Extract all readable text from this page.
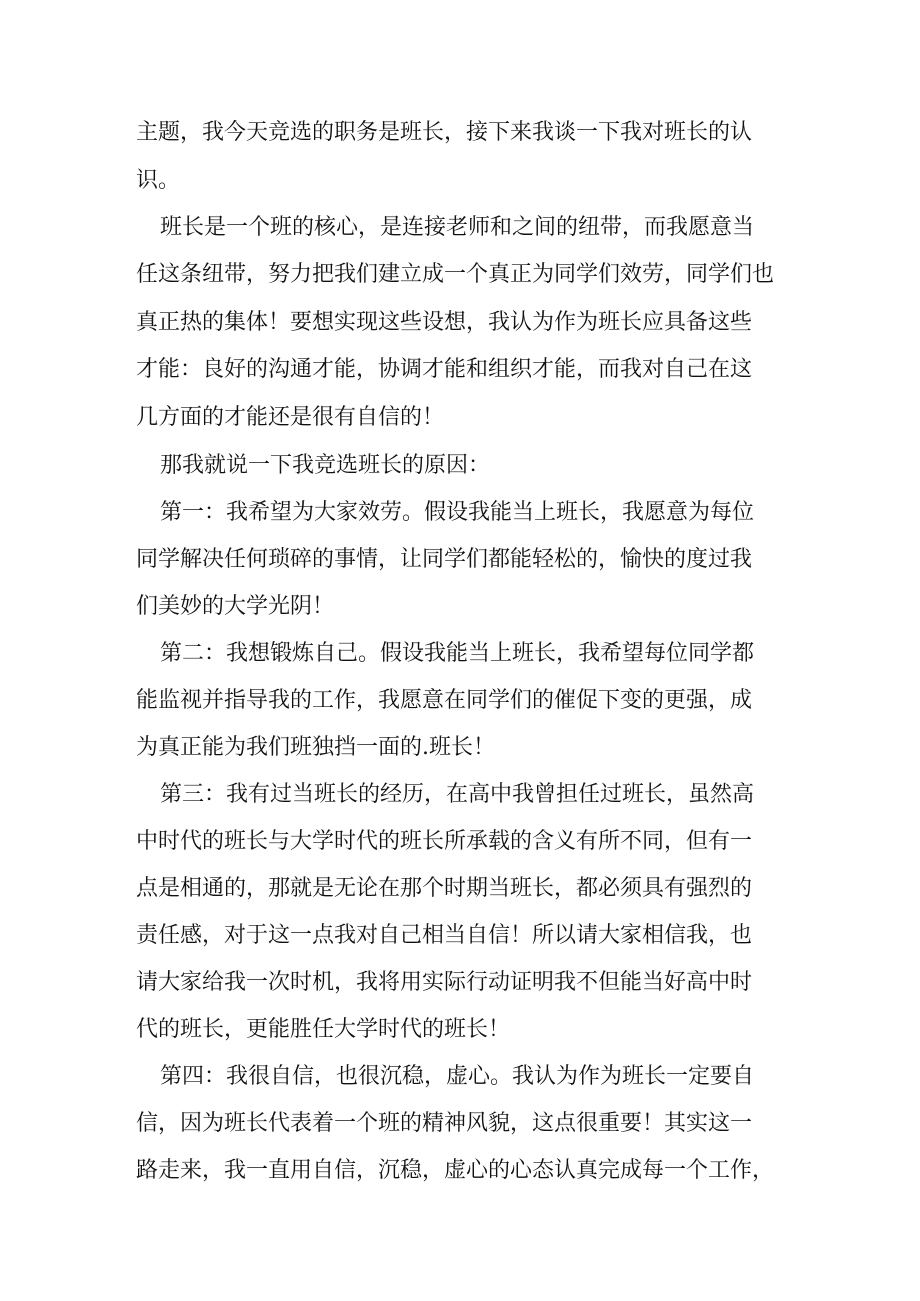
主题，我今天竞选的职务是班长，接下来我谈一下我对班长的认
识。
班长是一个班的核心，是连接老师和之间的纽带，而我愿意当
任这条纽带，努力把我们建立成一个真正为同学们效劳，同学们也
真正热的集体！要想实现这些设想，我认为作为班长应具备这些
才能：良好的沟通才能，协调才能和组织才能，而我对自己在这
几方面的才能还是很有自信的！
那我就说一下我竞选班长的原因：
第一：我希望为大家效劳。假设我能当上班长，我愿意为每位
同学解决任何琐碎的事情，让同学们都能轻松的，愉快的度过我
们美妙的大学光阴！
第二：我想锻炼自己。假设我能当上班长，我希望每位同学都
能监视并指导我的工作，我愿意在同学们的催促下变的更强，成
为真正能为我们班独挡一面的.班长！
第三：我有过当班长的经历，在高中我曾担任过班长，虽然高
中时代的班长与大学时代的班长所承载的含义有所不同，但有一
点是相通的，那就是无论在那个时期当班长，都必须具有强烈的
责任感，对于这一点我对自己相当自信！所以请大家相信我，也
请大家给我一次时机，我将用实际行动证明我不但能当好高中时
代的班长，更能胜任大学时代的班长！
第四：我很自信，也很沉稳，虚心。我认为作为班长一定要自
信，因为班长代表着一个班的精神风貌，这点很重要！其实这一
路走来，我一直用自信，沉稳，虚心的心态认真完成每一个工作，
